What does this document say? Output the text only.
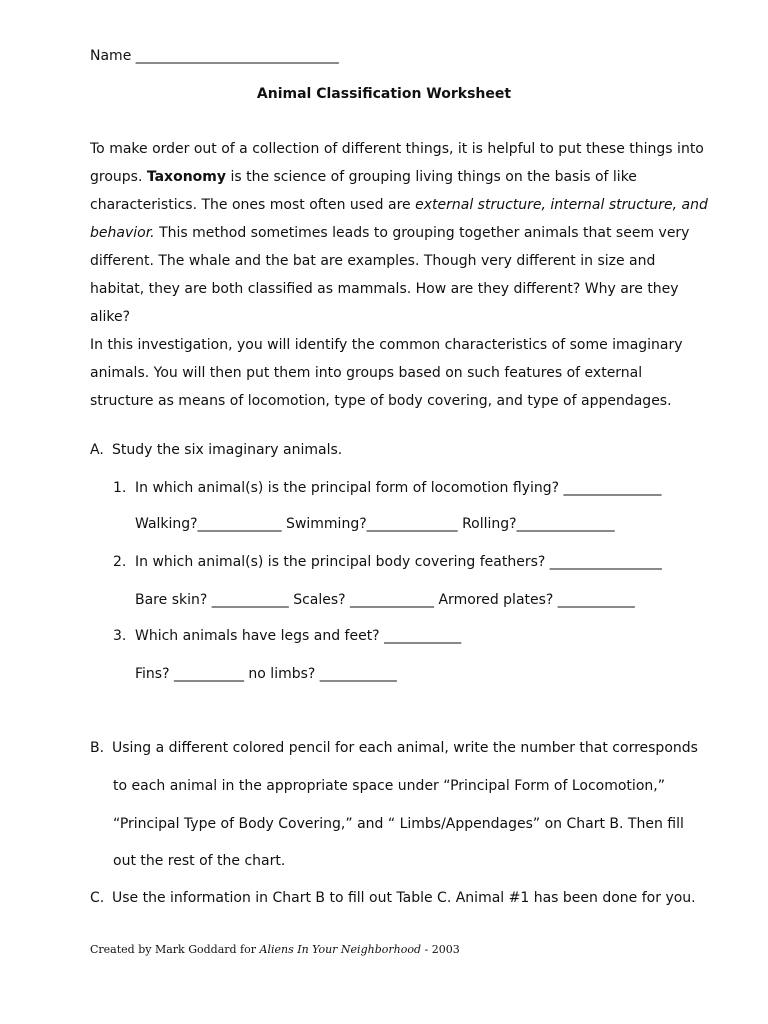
Name _____________________________
Animal Classification Worksheet
To make order out of a collection of different things, it is helpful to put these things into
groups. Taxonomy is the science of grouping living things on the basis of like
characteristics. The ones most often used are external structure, internal structure, and
behavior. This method sometimes leads to grouping together animals that seem very
different. The whale and the bat are examples. Though very different in size and
habitat, they are both classified as mammals. How are they different? Why are they
alike?
In this investigation, you will identify the common characteristics of some imaginary
animals. You will then put them into groups based on such features of external
structure as means of locomotion, type of body covering, and type of appendages.
A. Study the six imaginary animals.
1. In which animal(s) is the principal form of locomotion flying? ______________
Walking?____________ Swimming?_____________ Rolling?______________
2. In which animal(s) is the principal body covering feathers? ________________
Bare skin? ___________ Scales? ____________ Armored plates? ___________
3. Which animals have legs and feet? ___________
Fins? __________ no limbs? ___________
B. Using a different colored pencil for each animal, write the number that corresponds
to each animal in the appropriate space under “Principal Form of Locomotion,”
“Principal Type of Body Covering,” and “ Limbs/Appendages” on Chart B. Then fill
out the rest of the chart.
C. Use the information in Chart B to fill out Table C. Animal #1 has been done for you.
Created by Mark Goddard for Aliens In Your Neighborhood - 2003
